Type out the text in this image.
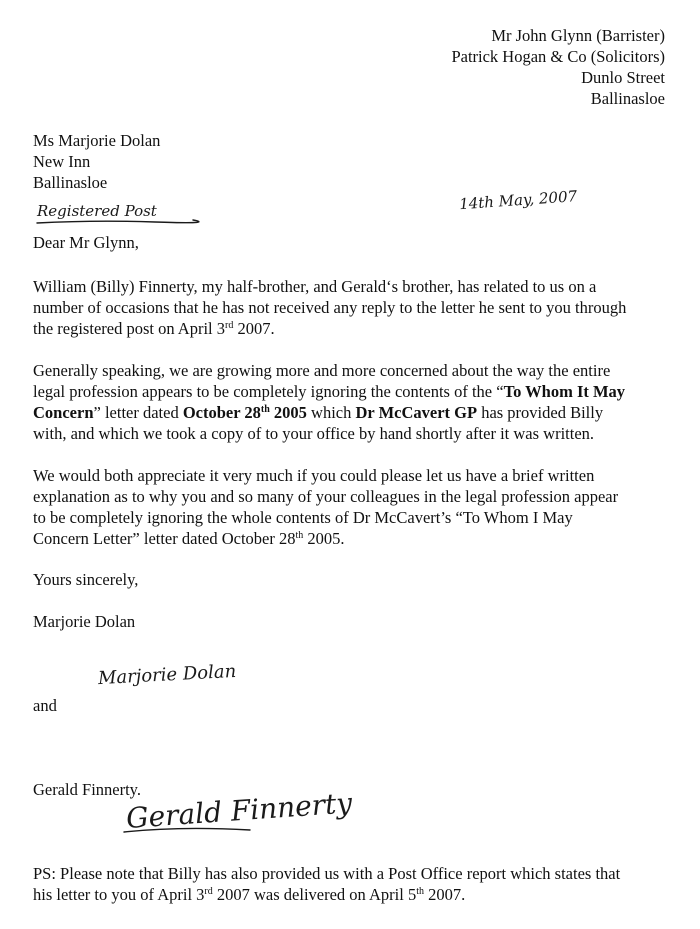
Mr John Glynn (Barrister)
Patrick Hogan & Co (Solicitors)
Dunlo Street
Ballinasloe
Ms Marjorie Dolan
New Inn
Ballinasloe
14th May, 2007
Registered Post
Dear Mr Glynn,

William (Billy) Finnerty, my half-brother, and Gerald‘s brother, has related to us on a

number of occasions that he has not received any reply to the letter he sent to you through

the registered post on April 3rd 2007.

Generally speaking, we are growing more and more concerned about the way the entire

legal profession appears to be completely ignoring the contents of the “To Whom It May

Concern” letter dated October 28th 2005 which Dr McCavert GP has provided Billy

with, and which we took a copy of to your office by hand shortly after it was written.

We would both appreciate it very much if you could please let us have a brief written

explanation as to why you and so many of your colleagues in the legal profession appear

to be completely ignoring the whole contents of Dr McCavert’s “To Whom I May

Concern Letter” letter dated October 28th 2005.

Yours sincerely,
Marjorie Dolan
Marjorie Dolan
and
Gerald Finnerty.
Gerald Finnerty

PS: Please note that Billy has also provided us with a Post Office report which states that

his letter to you of April 3rd 2007 was delivered on April 5th 2007.
